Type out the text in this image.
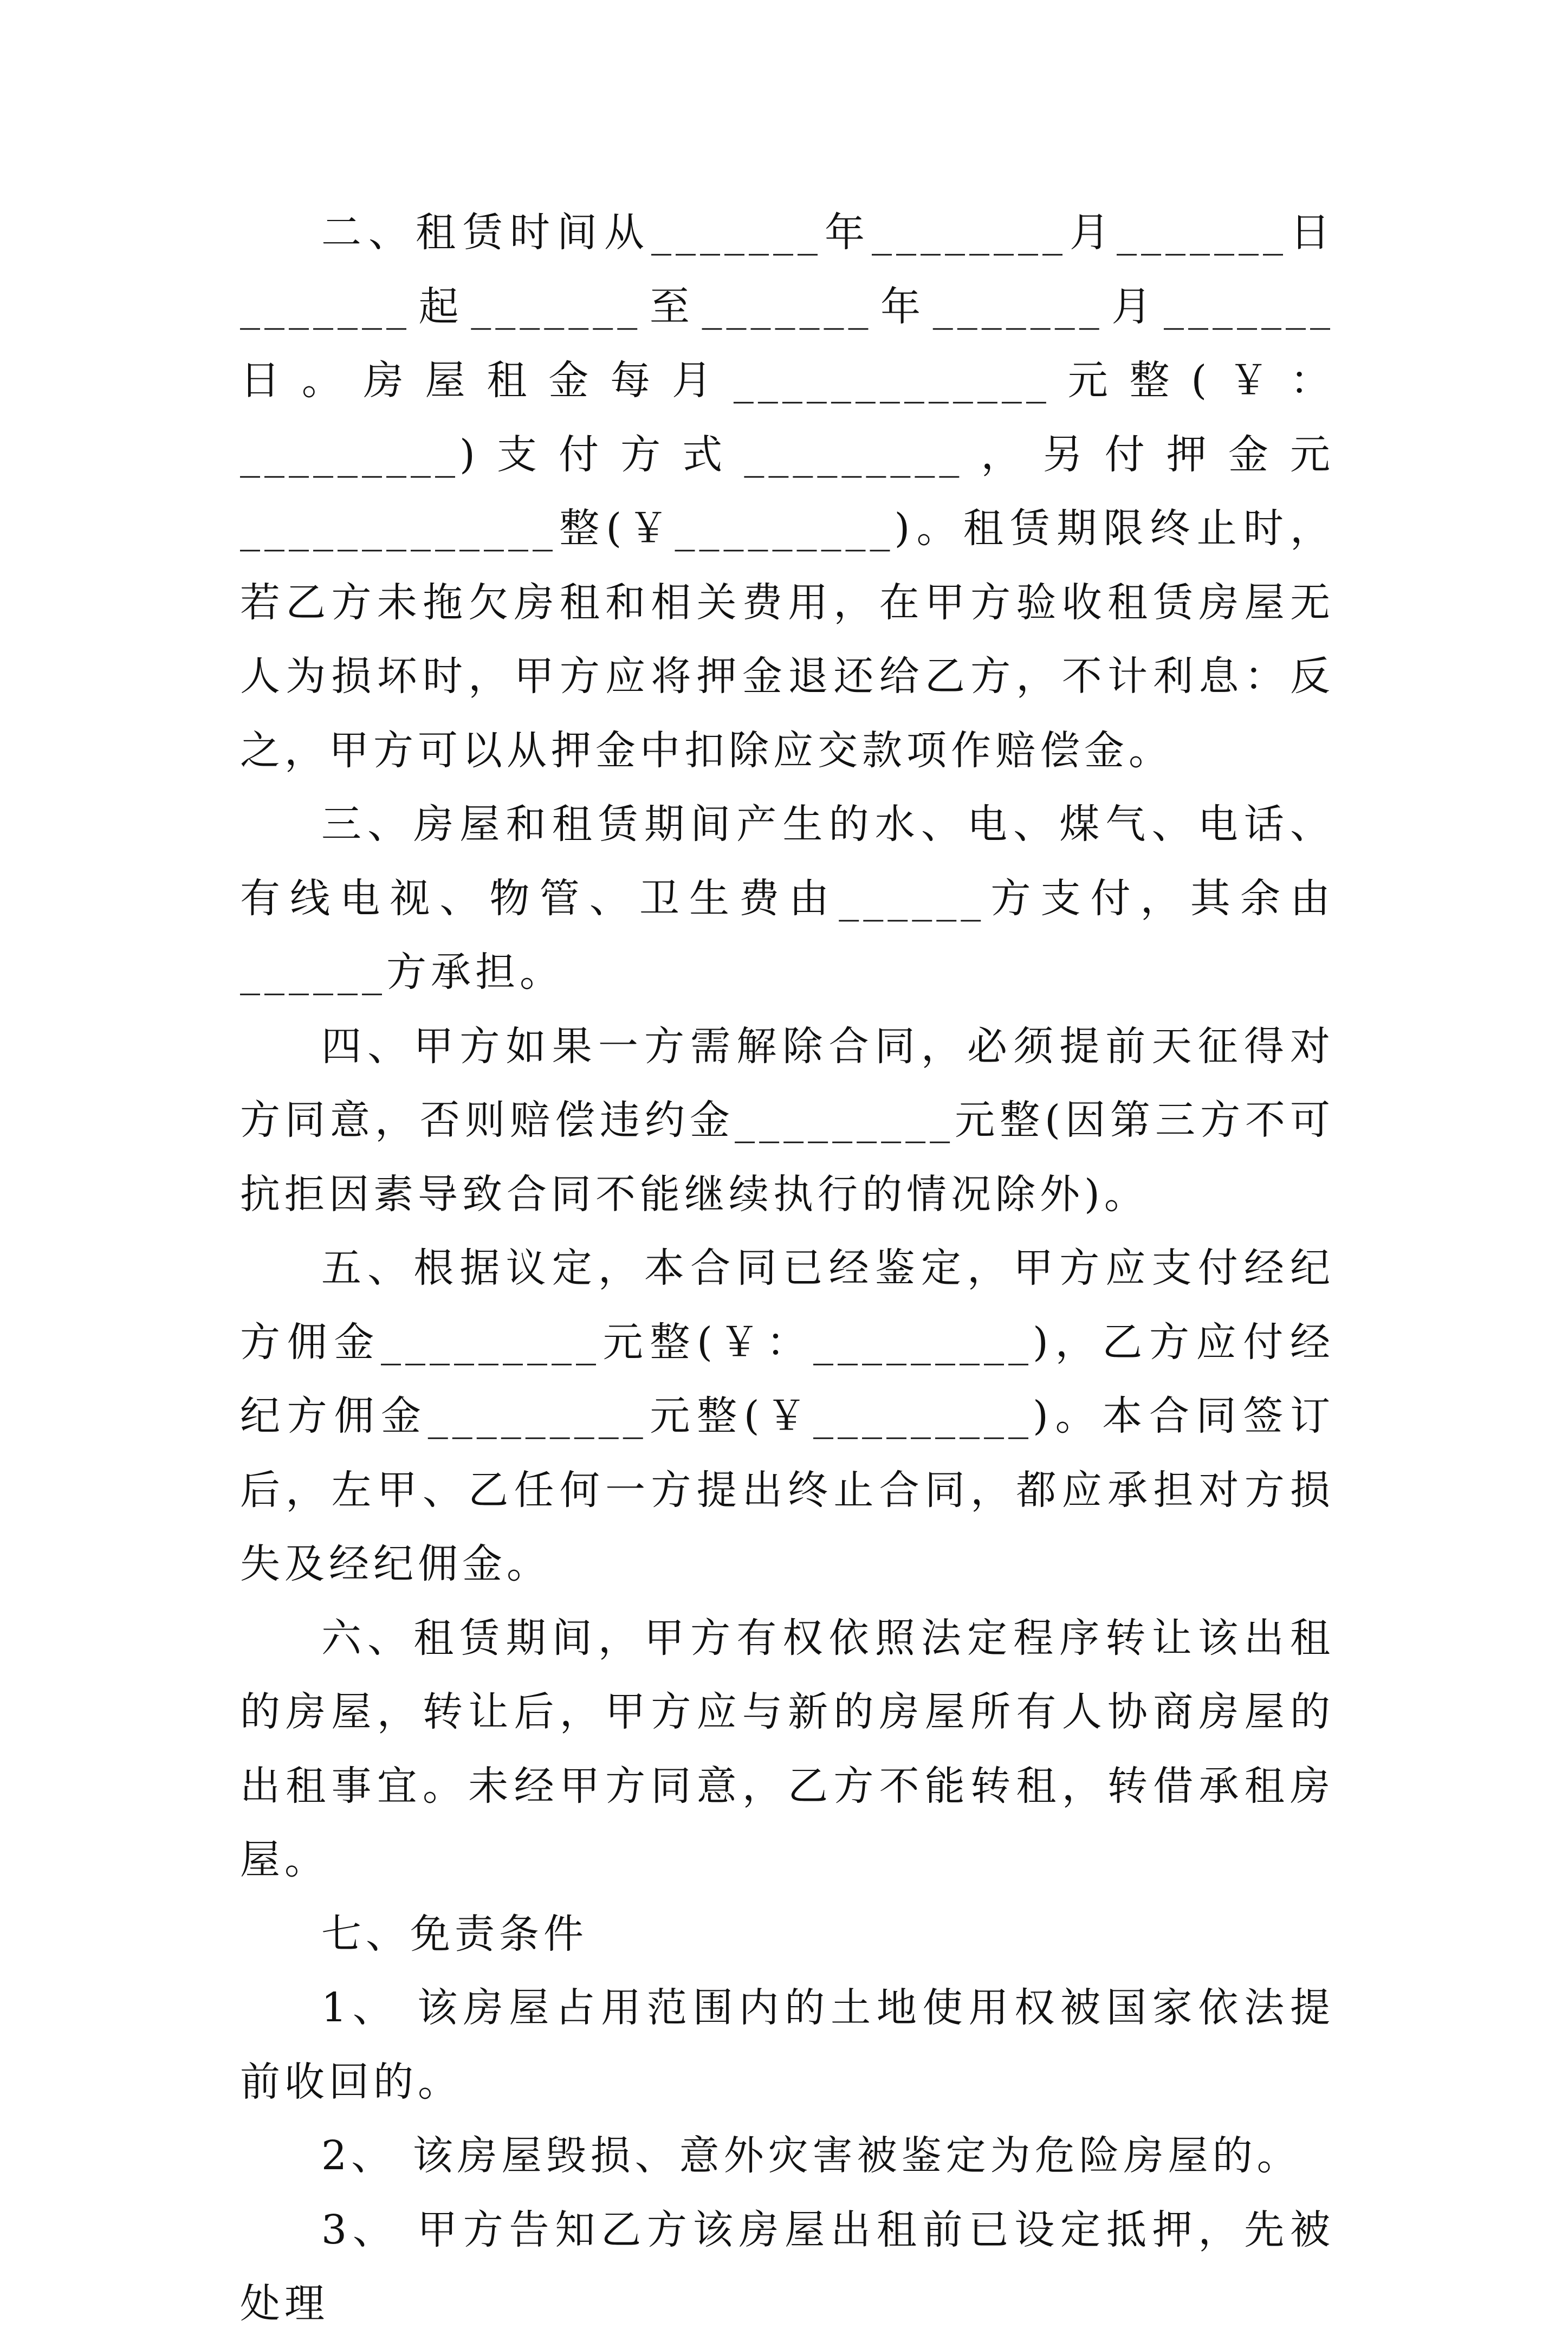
二、租赁时间从_______年________月_______日_______起_______至_______年_______月_______日。房屋租金每月_____________元整(￥：_________)支付方式_________，另付押金元_____________整(￥_________)。租赁期限终止时，若乙方未拖欠房租和相关费用，在甲方验收租赁房屋无人为损坏时，甲方应将押金退还给乙方，不计利息：反之，甲方可以从押金中扣除应交款项作赔偿金。

三、房屋和租赁期间产生的水、电、煤气、电话、有线电视、物管、卫生费由______方支付，其余由______方承担。

四、甲方如果一方需解除合同，必须提前天征得对方同意，否则赔偿违约金_________元整(因第三方不可抗拒因素导致合同不能继续执行的情况除外)。

五、根据议定，本合同已经鉴定，甲方应支付经纪方佣金_________元整(￥：_________)，乙方应付经纪方佣金_________元整(￥_________)。本合同签订后，左甲、乙任何一方提出终止合同，都应承担对方损失及经纪佣金。

六、租赁期间，甲方有权依照法定程序转让该出租的房屋，转让后，甲方应与新的房屋所有人协商房屋的出租事宜。未经甲方同意，乙方不能转租，转借承租房屋。

七、免责条件

1、 该房屋占用范围内的土地使用权被国家依法提前收回的。

2、 该房屋毁损、意外灾害被鉴定为危险房屋的。

3、 甲方告知乙方该房屋出租前已设定抵押，先被处理
